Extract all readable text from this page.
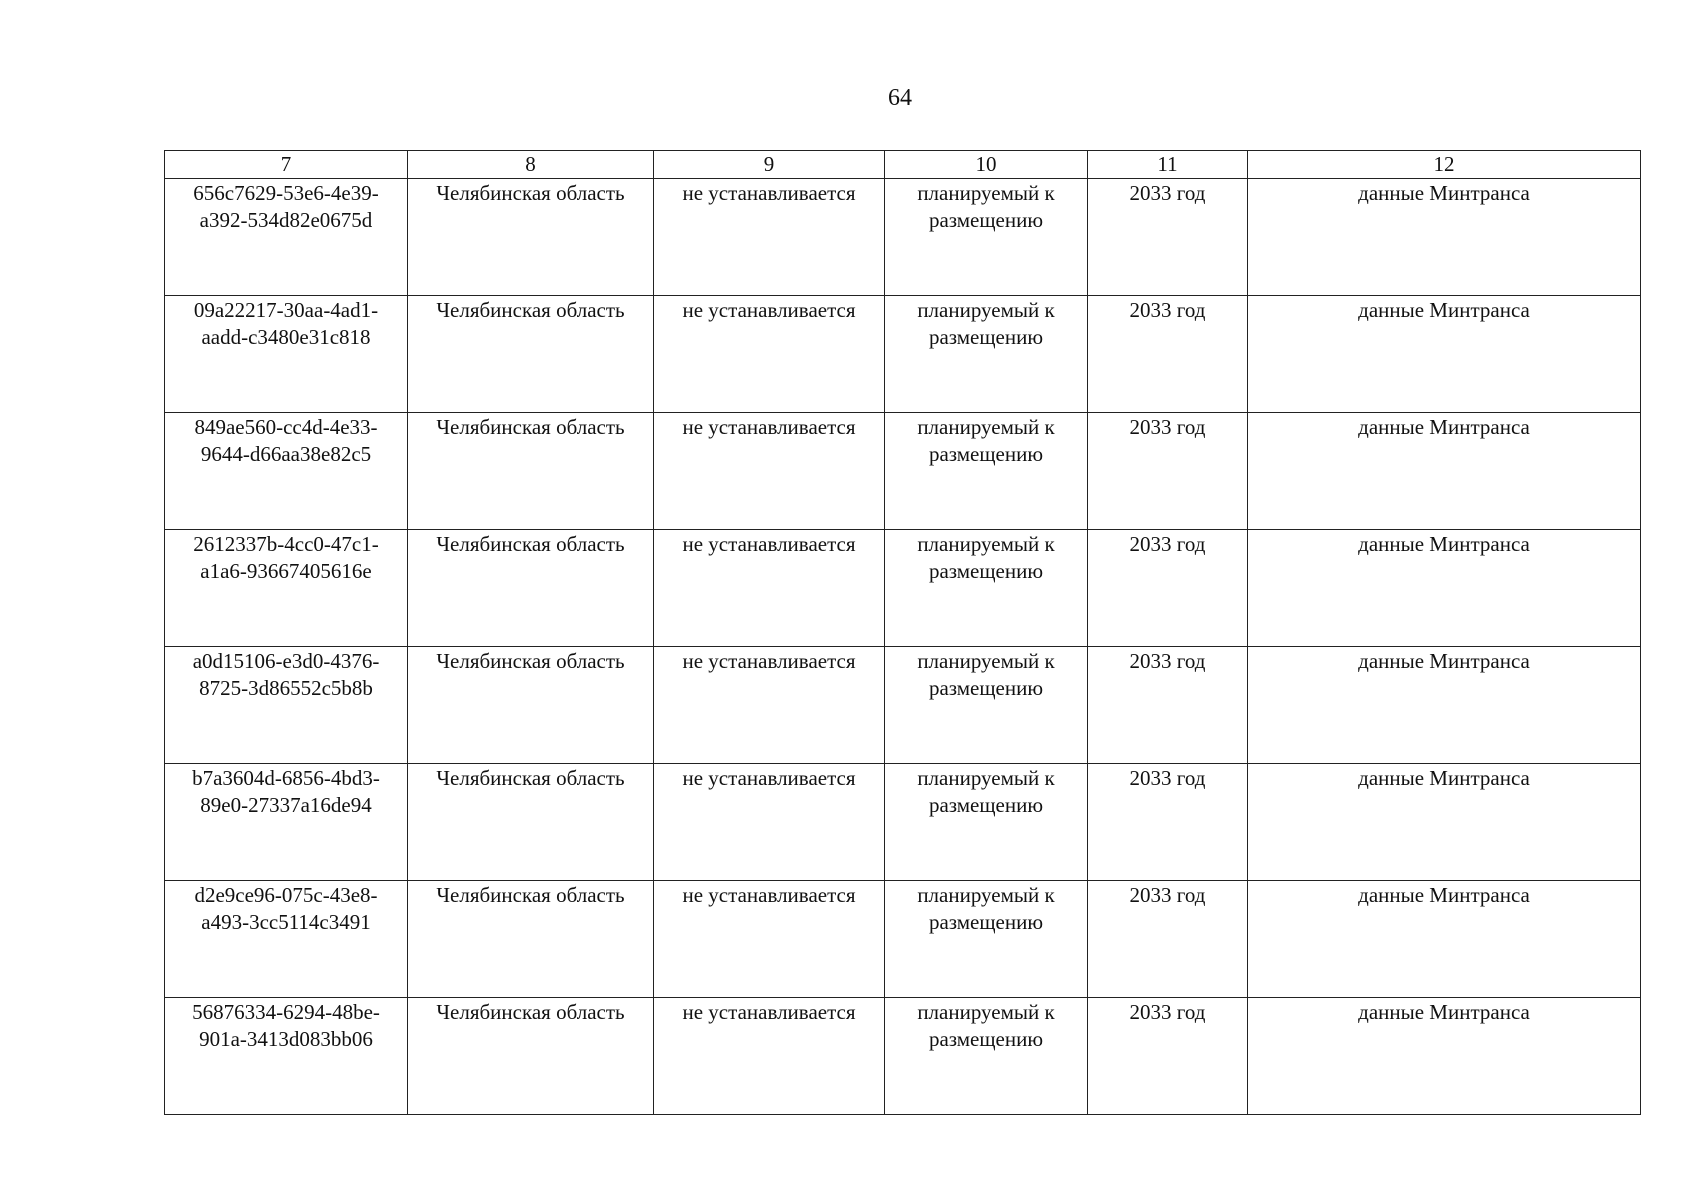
64
7	8	9	10	11	12
656c7629-53e6-4e39-
a392-534d82e0675d	Челябинская область	не устанавливается	планируемый к
размещению	2033 год	данные Минтранса
09a22217-30aa-4ad1-
aadd-c3480e31c818	Челябинская область	не устанавливается	планируемый к
размещению	2033 год	данные Минтранса
849ae560-cc4d-4e33-
9644-d66aa38e82c5	Челябинская область	не устанавливается	планируемый к
размещению	2033 год	данные Минтранса
2612337b-4cc0-47c1-
a1a6-93667405616e	Челябинская область	не устанавливается	планируемый к
размещению	2033 год	данные Минтранса
a0d15106-e3d0-4376-
8725-3d86552c5b8b	Челябинская область	не устанавливается	планируемый к
размещению	2033 год	данные Минтранса
b7a3604d-6856-4bd3-
89e0-27337a16de94	Челябинская область	не устанавливается	планируемый к
размещению	2033 год	данные Минтранса
d2e9ce96-075c-43e8-
a493-3cc5114c3491	Челябинская область	не устанавливается	планируемый к
размещению	2033 год	данные Минтранса
56876334-6294-48be-
901a-3413d083bb06	Челябинская область	не устанавливается	планируемый к
размещению	2033 год	данные Минтранса
